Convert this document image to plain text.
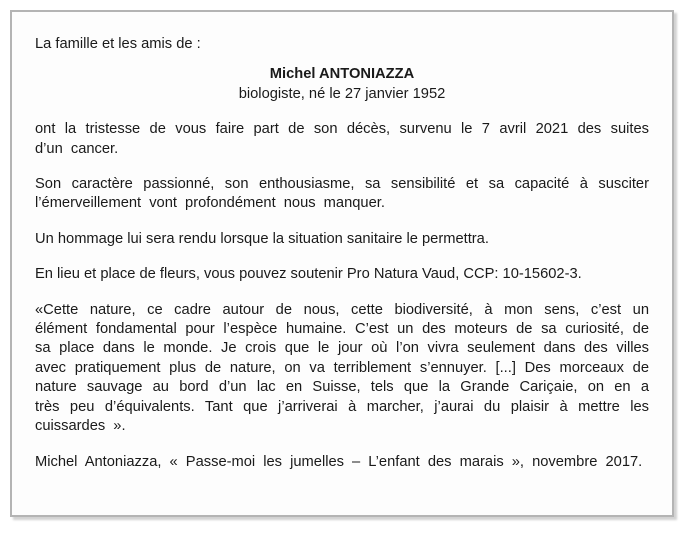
La famille et les amis de :

Michel ANTONIAZZA
biologiste, né le 27 janvier 1952

ont la tristesse de vous faire part de son décès, survenu le 7 avril 2021 des suites d’un cancer.

Son caractère passionné, son enthousiasme, sa sensibilité et sa capacité à susciter l’émerveillement vont profondément nous manquer.

Un hommage lui sera rendu lorsque la situation sanitaire le permettra.

En lieu et place de fleurs, vous pouvez soutenir Pro Natura Vaud, CCP: 10-15602-3.

«Cette nature, ce cadre autour de nous, cette biodiversité, à mon sens, c’est un élément fondamental pour l’espèce humaine. C’est un des moteurs de sa curiosité, de sa place dans le monde. Je crois que le jour où l’on vivra seulement dans des villes avec pratiquement plus de nature, on va terriblement s’ennuyer. [...] Des morceaux de nature sauvage au bord d’un lac en Suisse, tels que la Grande Cariçaie, on en a très peu d’équivalents. Tant que j’arriverai à marcher, j’aurai du plaisir à mettre les cuissardes ».

Michel Antoniazza, « Passe-moi les jumelles – L’enfant des marais », novembre 2017.
